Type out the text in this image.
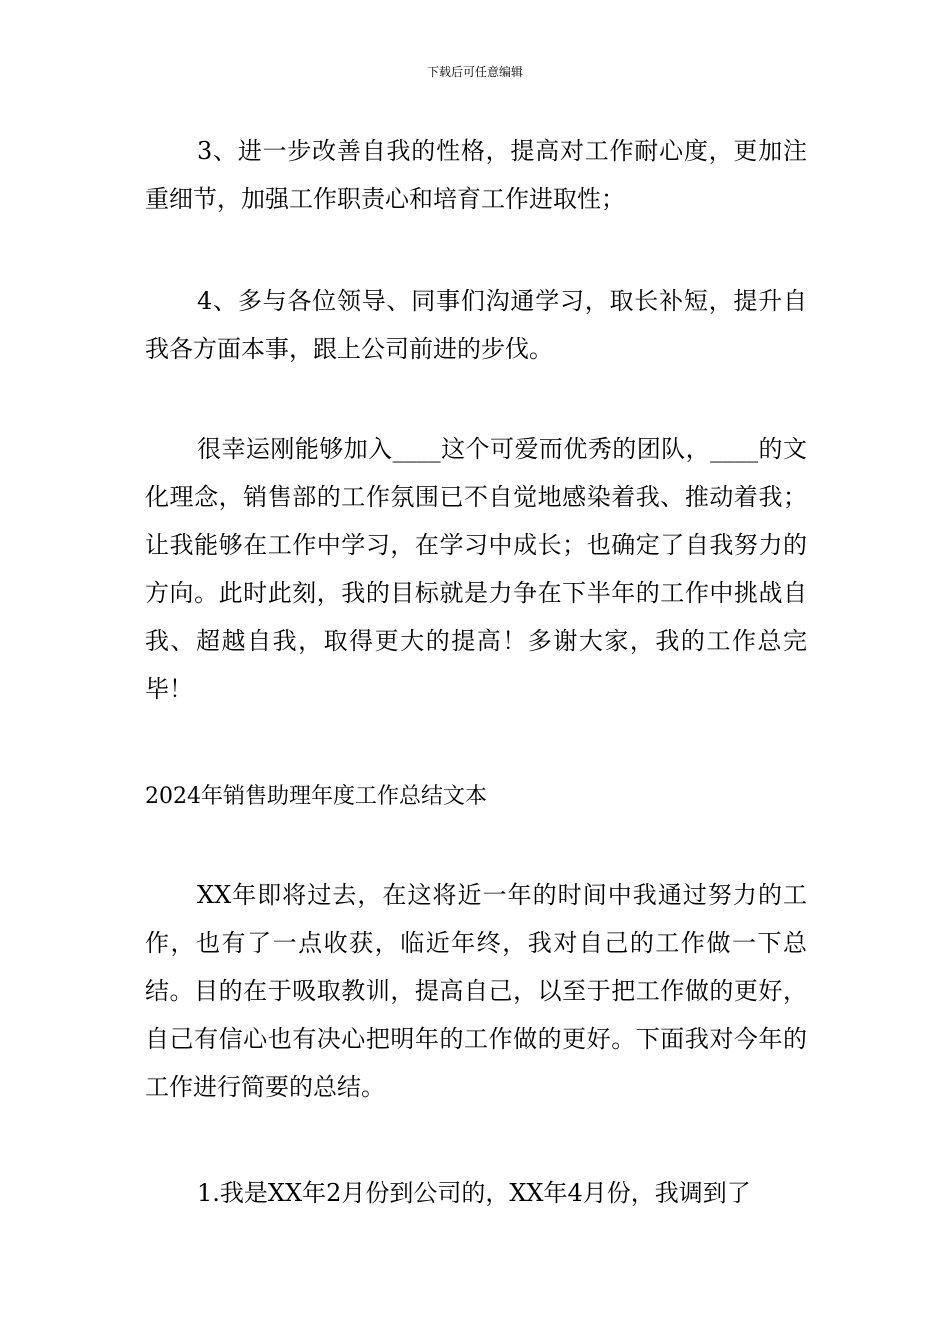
下载后可任意编辑

3、进一步改善自我的性格，提高对工作耐心度，更加注重细节，加强工作职责心和培育工作进取性；

4、多与各位领导、同事们沟通学习，取长补短，提升自我各方面本事，跟上公司前进的步伐。

很幸运刚能够加入____这个可爱而优秀的团队，____的文化理念，销售部的工作氛围已不自觉地感染着我、推动着我；让我能够在工作中学习，在学习中成长；也确定了自我努力的方向。此时此刻，我的目标就是力争在下半年的工作中挑战自我、超越自我，取得更大的提高！多谢大家，我的工作总完毕！

2024年销售助理年度工作总结文本

XX年即将过去，在这将近一年的时间中我通过努力的工作，也有了一点收获，临近年终，我对自己的工作做一下总结。目的在于吸取教训，提高自己，以至于把工作做的更好，自己有信心也有决心把明年的工作做的更好。下面我对今年的工作进行简要的总结。

1.我是XX年2月份到公司的，XX年4月份，我调到了
